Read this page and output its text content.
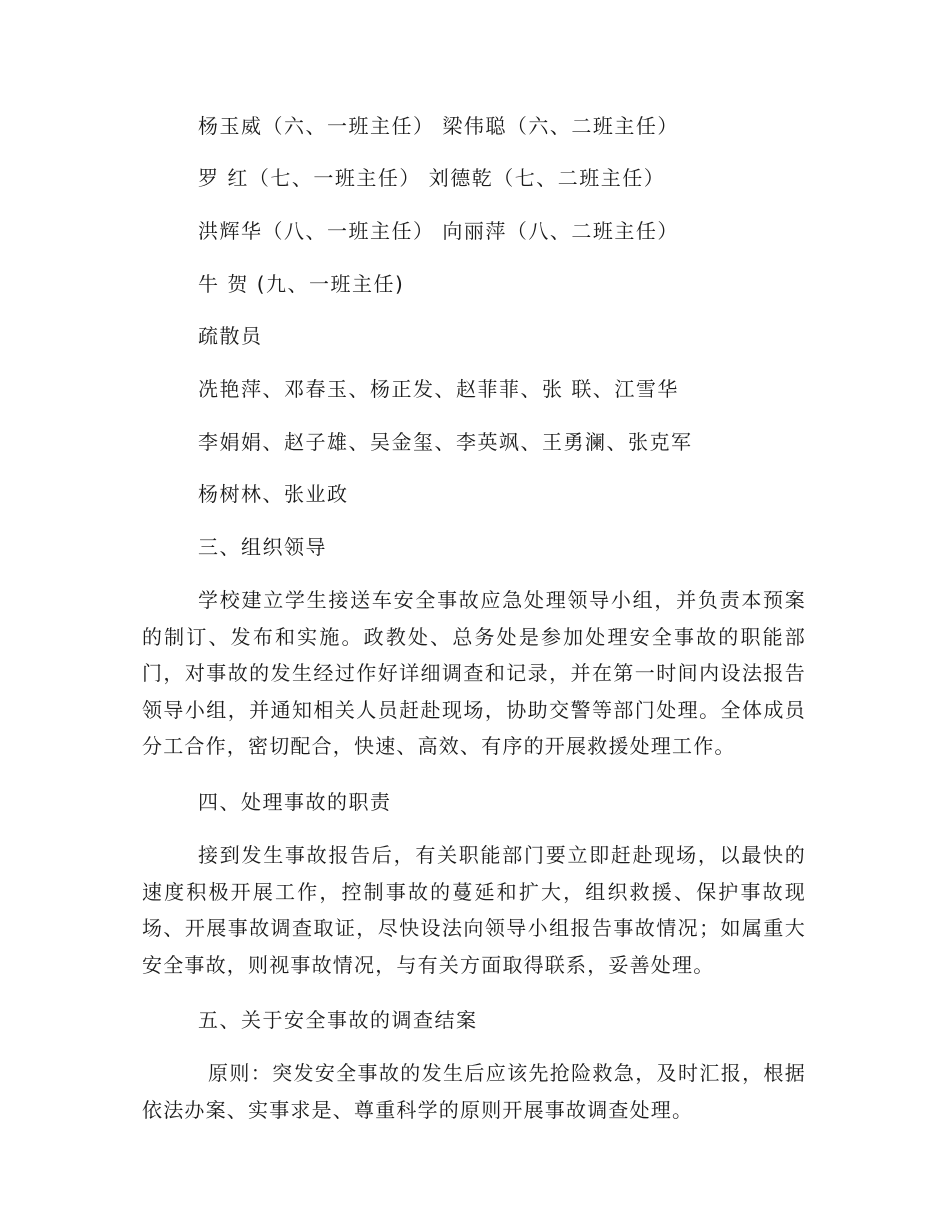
杨玉威（六、一班主任） 梁伟聪（六、二班主任）
罗 红（七、一班主任） 刘德乾（七、二班主任）
洪辉华（八、一班主任） 向丽萍（八、二班主任）
牛 贺 (九、一班主任)
疏散员
冼艳萍、邓春玉、杨正发、赵菲菲、张 联、江雪华
李娟娟、赵子雄、吴金玺、李英飒、王勇澜、张克军
杨树林、张业政
三、组织领导

学校建立学生接送车安全事故应急处理领导小组，并负责本预案的制订、发布和实施。政教处、总务处是参加处理安全事故的职能部门，对事故的发生经过作好详细调查和记录，并在第一时间内设法报告领导小组，并通知相关人员赶赴现场，协助交警等部门处理。全体成员分工合作，密切配合，快速、高效、有序的开展救援处理工作。

四、处理事故的职责

接到发生事故报告后，有关职能部门要立即赶赴现场，以最快的速度积极开展工作，控制事故的蔓延和扩大，组织救援、保护事故现场、开展事故调查取证，尽快设法向领导小组报告事故情况；如属重大安全事故，则视事故情况，与有关方面取得联系，妥善处理。

五、关于安全事故的调查结案

原则：突发安全事故的发生后应该先抢险救急，及时汇报，根据依法办案、实事求是、尊重科学的原则开展事故调查处理。
